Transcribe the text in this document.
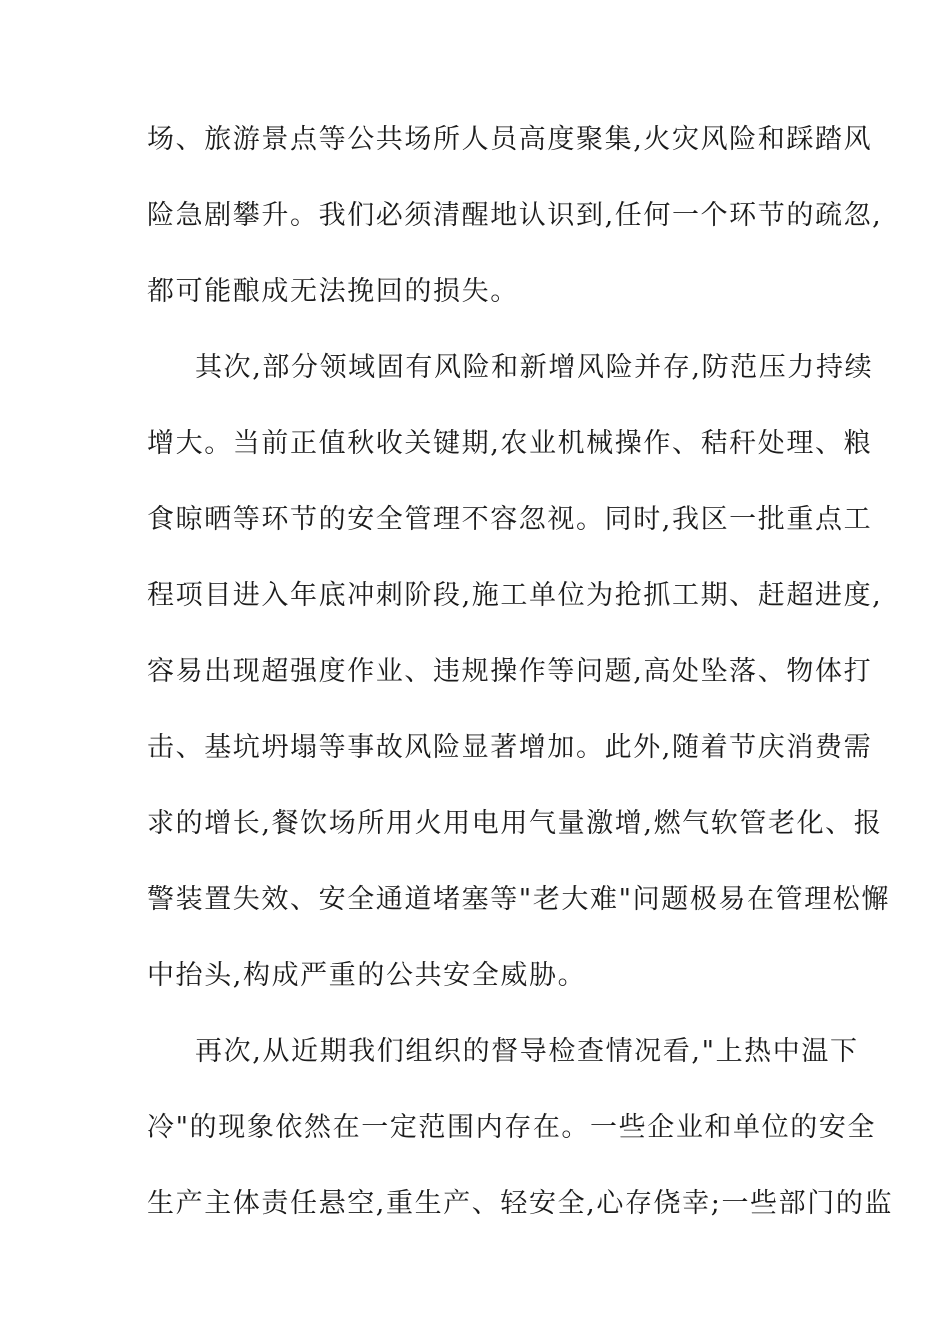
场、旅游景点等公共场所人员高度聚集,火灾风险和踩踏风
险急剧攀升。我们必须清醒地认识到,任何一个环节的疏忽,
都可能酿成无法挽回的损失。
其次,部分领域固有风险和新增风险并存,防范压力持续
增大。当前正值秋收关键期,农业机械操作、秸秆处理、粮
食晾晒等环节的安全管理不容忽视。同时,我区一批重点工
程项目进入年底冲刺阶段,施工单位为抢抓工期、赶超进度,
容易出现超强度作业、违规操作等问题,高处坠落、物体打
击、基坑坍塌等事故风险显著增加。此外,随着节庆消费需
求的增长,餐饮场所用火用电用气量激增,燃气软管老化、报
警装置失效、安全通道堵塞等"老大难"问题极易在管理松懈
中抬头,构成严重的公共安全威胁。
再次,从近期我们组织的督导检查情况看,"上热中温下
冷"的现象依然在一定范围内存在。一些企业和单位的安全
生产主体责任悬空,重生产、轻安全,心存侥幸;一些部门的监
